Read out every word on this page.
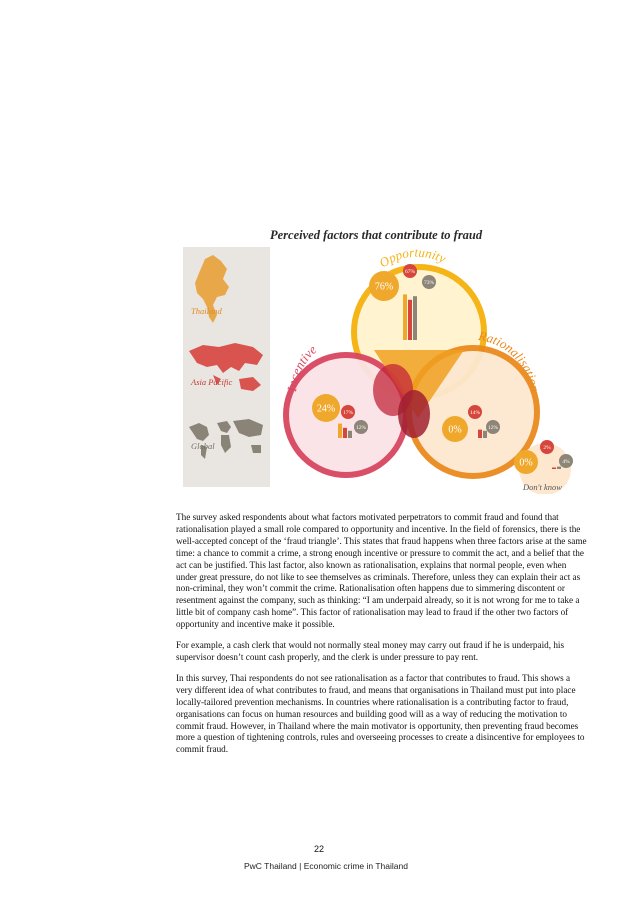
Opportunity
Incentive
Rationalisation
Don't know
76%
67%
73%
24% 17%
12%	0%
14%
12%
0%
2%
4%
Perceived factors that contribute to fraud
Thailand
Asia Pacific
Global

The survey asked respondents about what factors motivated perpetrators to commit fraud and found that rationalisation played a small role compared to opportunity and incentive. In the field of forensics, there is the well-accepted concept of the ‘fraud triangle’. This states that fraud happens when three factors arise at the same time: a chance to commit a crime, a strong enough incentive or pressure to commit the act, and a belief that the act can be justified. This last factor, also known as rationalisation, explains that normal people, even when under great pressure, do not like to see themselves as criminals. Therefore, unless they can explain their act as non-criminal, they won’t commit the crime. Rationalisation often happens due to simmering discontent or resentment against the company, such as thinking: “I am underpaid already, so it is not wrong for me to take a little bit of company cash home”. This factor of rationalisation may lead to fraud if the other two factors of opportunity and incentive make it possible.

For example, a cash clerk that would not normally steal money may carry out fraud if he is underpaid, his supervisor doesn’t count cash properly, and the clerk is under pressure to pay rent.

In this survey, Thai respondents do not see rationalisation as a factor that contributes to fraud. This shows a very different idea of what contributes to fraud, and means that organisations in Thailand must put into place locally-tailored prevention mechanisms. In countries where rationalisation is a contributing factor to fraud, organisations can focus on human resources and building good will as a way of reducing the motivation to commit fraud. However, in Thailand where the main motivator is opportunity, then preventing fraud becomes more a question of tightening controls, rules and overseeing processes to create a disincentive for employees to commit fraud.

22
PwC Thailand | Economic crime in Thailand
